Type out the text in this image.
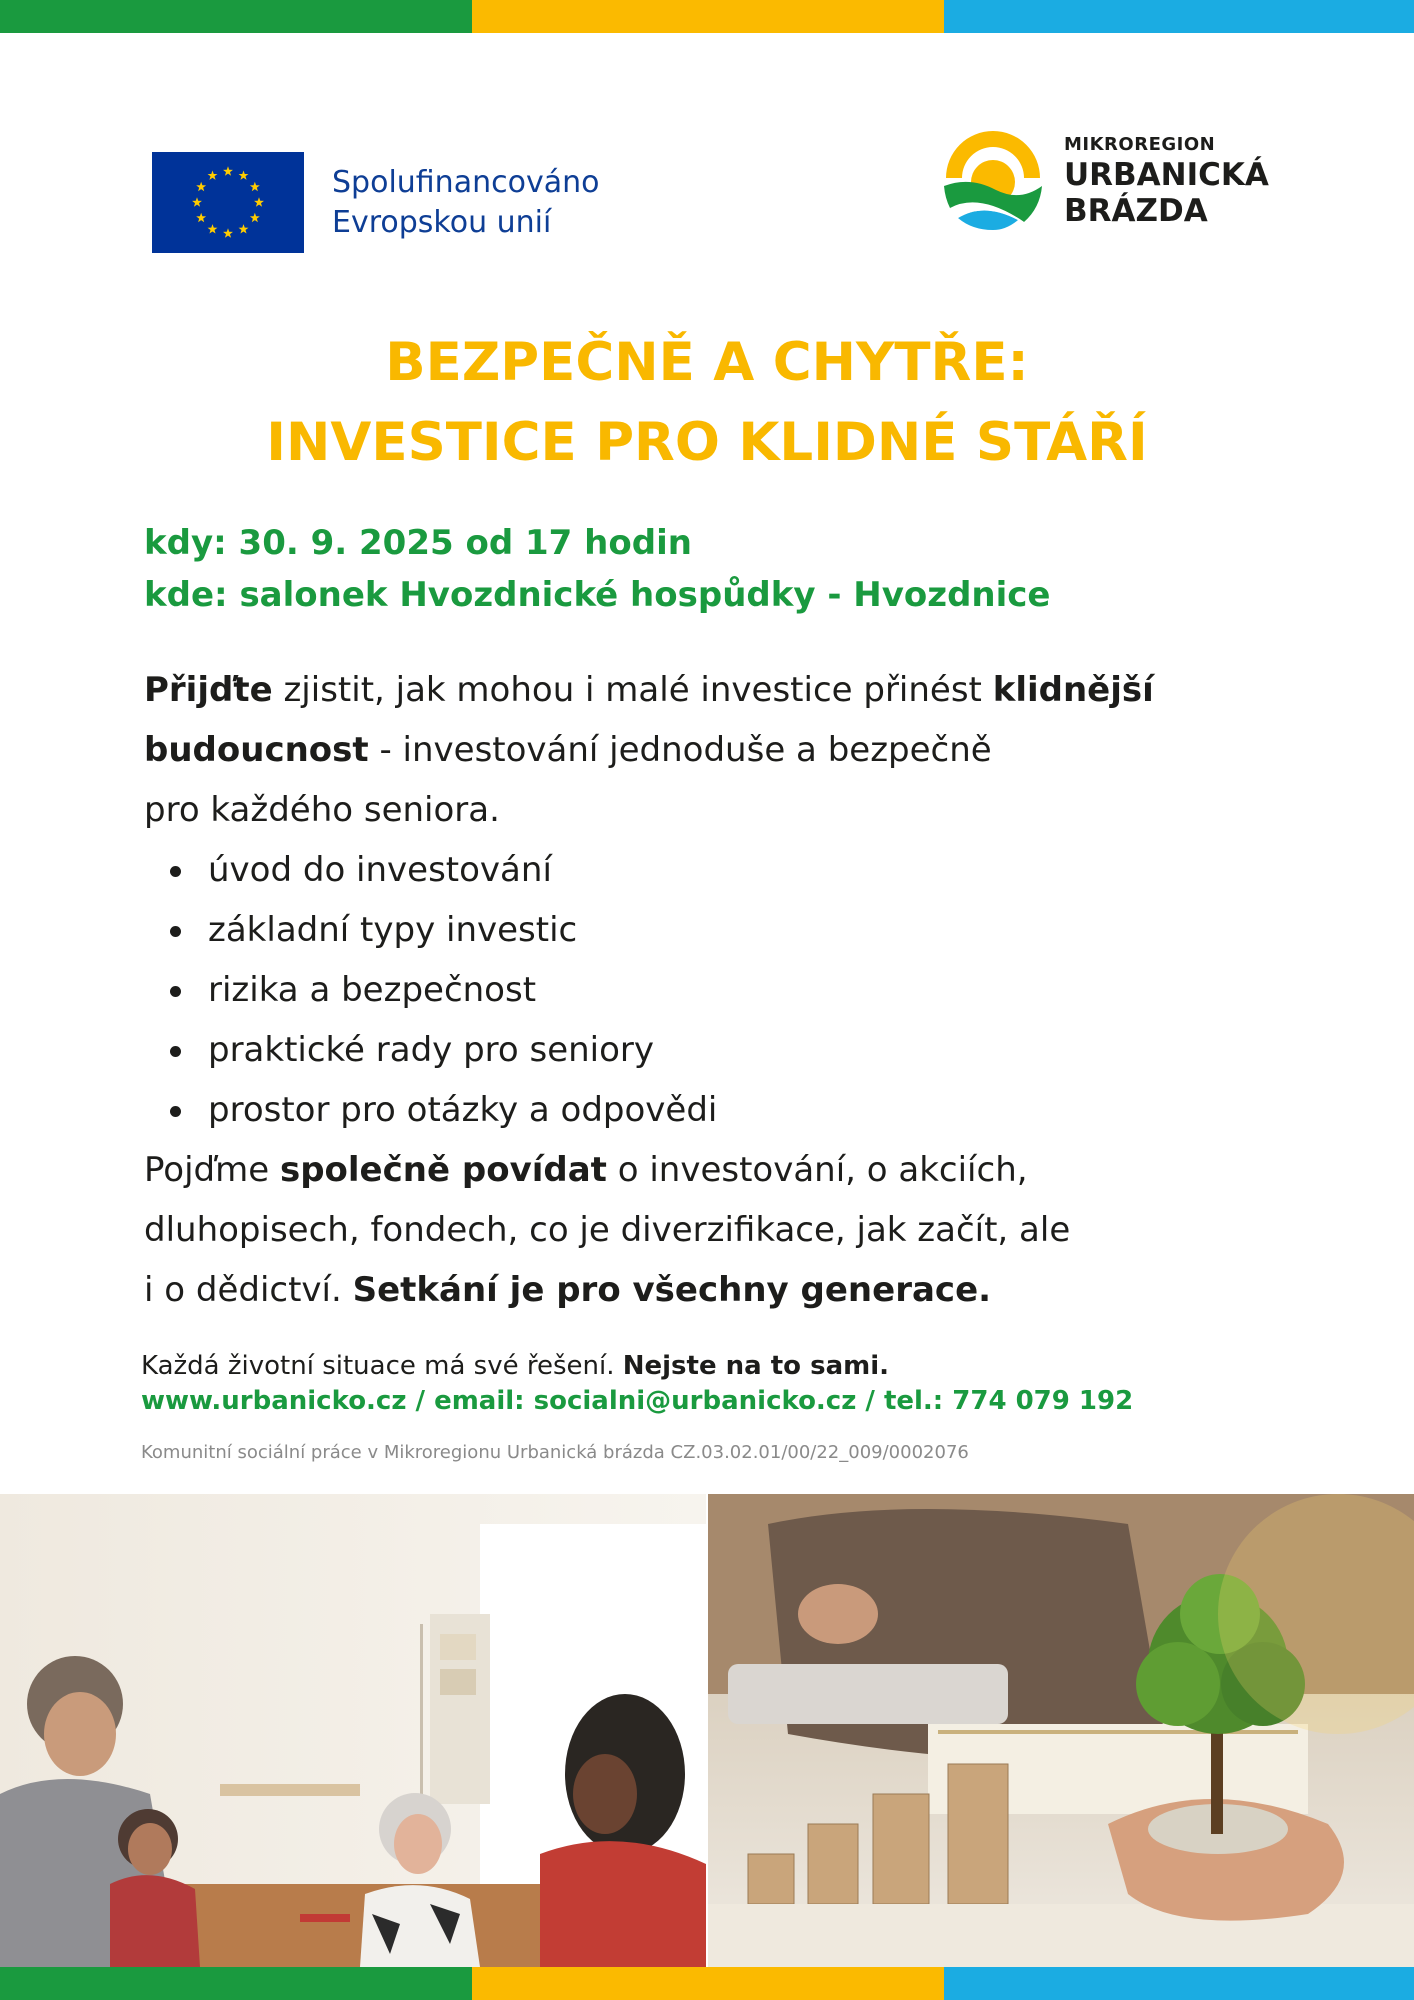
Spolufinancováno
Evropskou unií
MIKROREGION
URBANICKÁ
BRÁZDA
BEZPEČNĚ A CHYTŘE:
INVESTICE PRO KLIDNÉ STÁŘÍ
kdy: 30. 9. 2025 od 17 hodin
kde: salonek Hvozdnické hospůdky - Hvozdnice

Přijďte zjistit, jak mohou i malé investice přinést klidnější budoucnost - investování jednoduše a bezpečně
pro každého seniora.

úvod do investování
základní typy investic
rizika a bezpečnost
praktické rady pro seniory
prostor pro otázky a odpovědi

Pojďme společně povídat o investování, o akciích,
dluhopisech, fondech, co je diverzifikace, jak začít, ale
i o dědictví. Setkání je pro všechny generace.

Každá životní situace má své řešení. Nejste na to sami.
www.urbanicko.cz / email: socialni@urbanicko.cz / tel.: 774 079 192
Komunitní sociální práce v Mikroregionu Urbanická brázda CZ.03.02.01/00/22_009/0002076
